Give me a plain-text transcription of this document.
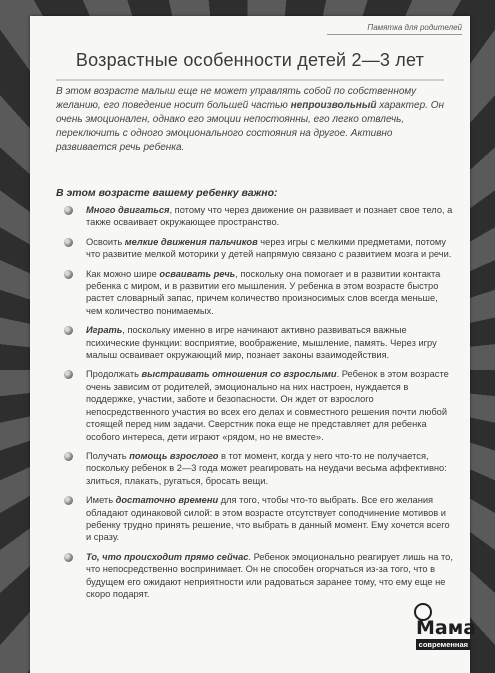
Памятка для родителей
Возрастные особенности детей 2—3 лет
В этом возрасте малыш еще не может управлять собой по собственному желанию, его поведение носит большей частью непроизвольный характер. Он очень эмоционален, однако его эмоции непостоянны, его легко отвлечь, переключить с одного эмоционального состояния на другое. Активно развивается речь ребенка.
В этом возрасте вашему ребенку важно:
Много двигаться, потому что через движение он развивает и познает свое тело, а также осваивает окружающее пространство.
Освоить мелкие движения пальчиков через игры с мелкими предметами, потому что развитие мелкой моторики у детей напрямую связано с развитием мозга и речи.
Как можно шире осваивать речь, поскольку она помогает и в развитии контакта ребенка с миром, и в развитии его мышления. У ребенка в этом возрасте быстро растет словарный запас, причем количество произносимых слов всегда меньше, чем количество понимаемых.
Играть, поскольку именно в игре начинают активно развиваться важные психические функции: восприятие, воображение, мышление, память. Через игру малыш осваивает окружающий мир, познает законы взаимодействия.
Продолжать выстраивать отношения со взрослыми. Ребенок в этом возрасте очень зависим от родителей, эмоционально на них настроен, нуждается в поддержке, участии, заботе и безопасности. Он ждет от взрослого непосредственного участия во всех его делах и совместного решения почти любой стоящей перед ним задачи. Сверстник пока еще не представляет для ребенка особого интереса, дети играют «рядом, но не вместе».
Получать помощь взрослого в тот момент, когда у него что-то не получается, поскольку ребенок в 2—3 года может реагировать на неудачи весьма аффективно: злиться, плакать, ругаться, бросать вещи.
Иметь достаточно времени для того, чтобы что-то выбрать. Все его желания обладают одинаковой силой: в этом возрасте отсутствует соподчинение мотивов и ребенку трудно принять решение, что выбрать в данный момент. Ему хочется всего и сразу.
То, что происходит прямо сейчас. Ребенок эмоционально реагирует лишь на то, что непосредственно воспринимает. Он не способен огорчаться из-за того, что в будущем его ожидают неприятности или радоваться заранее тому, что ему еще не скоро подарят.
Мама
современная
